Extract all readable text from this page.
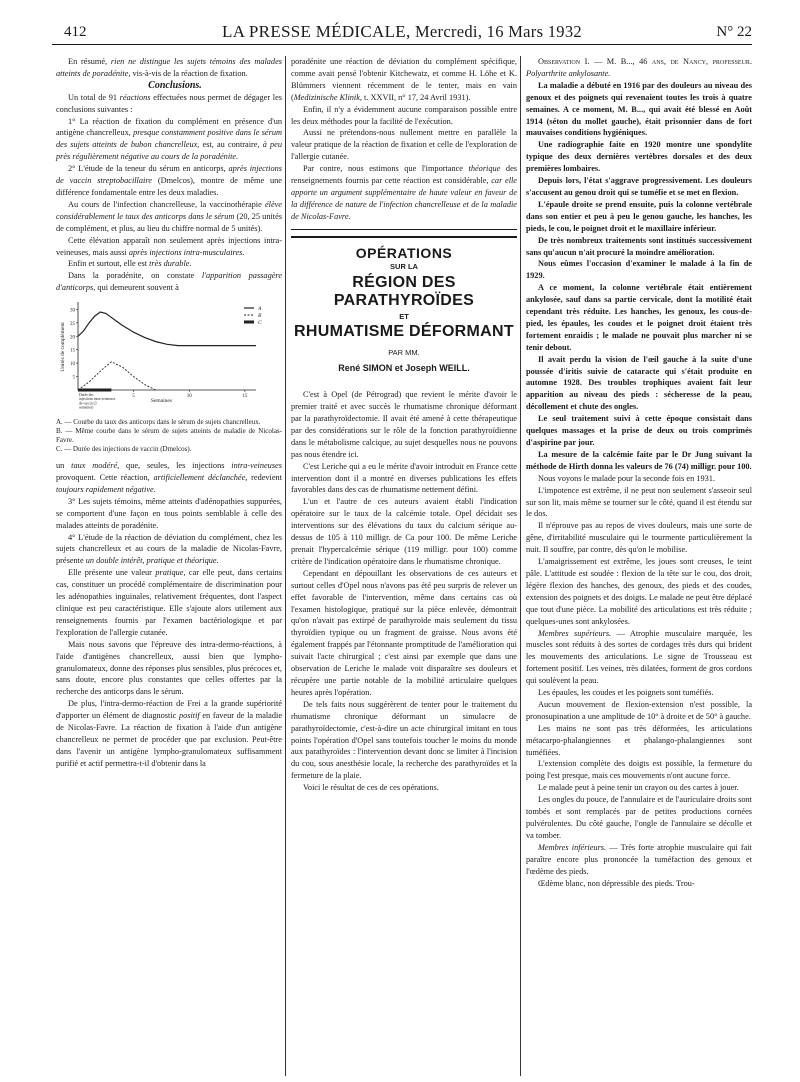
412	LA PRESSE MÉDICALE, Mercredi, 16 Mars 1932	N° 22

En résumé, rien ne distingue les sujets témoins des malades atteints de poradénite, vis-à-vis de la réaction de fixation.

Conclusions.

Un total de 91 réactions effectuées nous permet de dégager les conclusions suivantes :

1° La réaction de fixation du complément en présence d'un antigène chancrelleux, presque constamment positive dans le sérum des sujets atteints de bubon chancrelleux, est, au contraire, à peu près régulièrement négative au cours de la poradénite.

2° L'étude de la teneur du sérum en anticorps, après injections de vaccin streptobacillaire (Dmelcos), montre de même une différence fondamentale entre les deux maladies.

Au cours de l'infection chancrelleuse, la vaccinothérapie élève considérablement le taux des anticorps dans le sérum (20, 25 unités de complément, et plus, au lieu du chiffre normal de 5 unités).

Cette élévation apparaît non seulement après injections intra-veineuses, mais aussi après injections intra-musculaires.

Enfin et surtout, elle est très durable.

Dans la poradénite, on constate l'apparition passagère d'anticorps, qui demeurent souvent à

5
10
15
20
25
30
5	10	15
Unités de complément
Semaines
Durée des
injections intra veineuses
de vaccin (3
semaines)
A
B
C
A. — Courbe du taux des anticorps dans le sérum de sujets chancrelleux.
B. — Même courbe dans le sérum de sujets atteints de maladie de Nicolas-Favre.
C. — Durée des injections de vaccin (Dmelcos).

un taux modéré, que, seules, les injections intra-veineuses provoquent. Cette réaction, artificiellement déclanchée, redevient toujours rapidement négative.

3° Les sujets témoins, même atteints d'adénopathies suppurées, se comportent d'une façon en tous points semblable à celle des malades atteints de poradénite.

4° L'étude de la réaction de déviation du complément, chez les sujets chancrelleux et au cours de la maladie de Nicolas-Favre, présente un double intérêt, pratique et théorique.

Elle présente une valeur pratique, car elle peut, dans certains cas, constituer un procédé complémentaire de discrimination pour les adénopathies inguinales, relativement fréquentes, dont l'aspect clinique est peu caractéristique. Elle s'ajoute alors utilement aux renseignements fournis par l'examen bactériologique et par l'exploration de l'allergie cutanée.

Mais nous savons que l'épreuve des intra-dermo-réactions, à l'aide d'antigènes chancrelleux, aussi bien que lympho-granulomateux, donne des réponses plus sensibles, plus précoces et, sans doute, encore plus constantes que celles offertes par la recherche des anticorps dans le sérum.

De plus, l'intra-dermo-réaction de Frei a la grande supériorité d'apporter un élément de diagnostic positif en faveur de la maladie de Nicolas-Favre. La réaction de fixation à l'aide d'un antigène chancrelleux ne permet de procéder que par exclusion. Peut-être dans l'avenir un antigène lympho-granulomateux suffisamment purifié et actif permettra-t-il d'obtenir dans la

poradénite une réaction de déviation du complément spécifique, comme avait pensé l'obtenir Kitchewatz, et comme H. Löhe et K. Blümmers viennent récemment de le tenter, mais en vain (Medizinische Klinik, t. XXVII, n° 17, 24 Avril 1931).

Enfin, il n'y a évidemment aucune comparaison possible entre les deux méthodes pour la facilité de l'exécution.

Aussi ne prétendons-nous nullement mettre en parallèle la valeur pratique de la réaction de fixation et celle de l'exploration de l'allergie cutanée.

Par contre, nous estimons que l'importance théorique des renseignements fournis par cette réaction est considérable, car elle apporte un argument supplémentaire de haute valeur en faveur de la différence de nature de l'infection chancrelleuse et de la maladie de Nicolas-Favre.

OPÉRATIONS
SUR LA
RÉGION DES PARATHYROÏDES
ET
RHUMATISME DÉFORMANT
PAR MM.
René SIMON et Joseph WEILL.

C'est à Opel (de Pétrograd) que revient le mérite d'avoir le premier traité et avec succès le rhumatisme chronique déformant par la parathyroïdectomie. Il avait été amené à cette thérapeutique par des considérations sur le rôle de la fonction parathyroïdienne dans le métabolisme calcique, au sujet desquelles nous ne pouvons pas nous étendre ici.

C'est Leriche qui a eu le mérite d'avoir introduit en France cette intervention dont il a montré en diverses publications les effets favorables dans des cas de rhumatisme nettement défini.

L'un et l'autre de ces auteurs avaient établi l'indication opératoire sur le taux de la calcémie totale. Opel décidait ses interventions sur des élévations du taux du calcium sérique au-dessus de 105 à 110 milligr. de Ca pour 100. De même Leriche prenait l'hypercalcémie sérique (119 milligr. pour 100) comme critère de l'indication opératoire dans le rhumatisme chronique.

Cependant en dépouillant les observations de ces auteurs et surtout celles d'Opel nous n'avons pas été peu surpris de relever un effet favorable de l'intervention, même dans certains cas où l'examen histologique, pratiqué sur la pièce enlevée, démontrait qu'on n'avait pas extirpé de parathyroïde mais seulement du tissu thyroïdien typique ou un fragment de graisse. Nous avons été également frappés par l'étonnante promptitude de l'amélioration qui suivait l'acte chirurgical ; c'est ainsi par exemple que dans une observation de Leriche le malade voit disparaître ses douleurs et récupère une partie notable de la mobilité articulaire quelques heures après l'opération.

De tels faits nous suggérèrent de tenter pour le traitement du rhumatisme chronique déformant un simulacre de parathyroïdectomie, c'est-à-dire un acte chirurgical imitant en tous points l'opération d'Opel sans toutefois toucher le moins du monde aux parathyroïdes : l'intervention devant donc se limiter à l'incision du cou, sous anesthésie locale, la recherche des parathyroïdes et la fermeture de la plaie.

Voici le résultat de ces de ces opérations.

Observation I. — M. B..., 46 ans, de Nancy, professeur. Polyarthrite ankylosante.

La maladie a débuté en 1916 par des douleurs au niveau des genoux et des poignets qui revenaient toutes les trois à quatre semaines. A ce moment, M. B..., qui avait été blessé en Août 1914 (séton du mollet gauche), était prisonnier dans de fort mauvaises conditions hygiéniques.

Une radiographie faite en 1920 montre une spondylite typique des deux dernières vertèbres dorsales et des deux premières lombaires.

Depuis lors, l'état s'aggrave progressivement. Les douleurs s'accusent au genou droit qui se tuméfie et se met en flexion.

L'épaule droite se prend ensuite, puis la colonne vertébrale dans son entier et peu à peu le genou gauche, les hanches, les pieds, le cou, le poignet droit et le maxillaire inférieur.

De très nombreux traitements sont institués successivement sans qu'aucun n'ait procuré la moindre amélioration.

Nous eûmes l'occasion d'examiner le malade à la fin de 1929.

A ce moment, la colonne vertébrale était entièrement ankylosée, sauf dans sa partie cervicale, dont la motilité était cependant très réduite. Les hanches, les genoux, les cous-de-pied, les épaules, les coudes et le poignet droit étaient très fortement enraidis ; le malade ne pouvait plus marcher ni se tenir debout.

Il avait perdu la vision de l'œil gauche à la suite d'une poussée d'iritis suivie de cataracte qui s'était produite en automne 1928. Des troubles trophiques avaient fait leur apparition au niveau des pieds : sécheresse de la peau, décollement et chute des ongles.

Le seul traitement suivi à cette époque consistait dans quelques massages et la prise de deux ou trois comprimés d'aspirine par jour.

La mesure de la calcémie faite par le Dr Jung suivant la méthode de Hirth donna les valeurs de 76 (74) milligr. pour 100.

Nous voyons le malade pour la seconde fois en 1931.

L'impotence est extrême, il ne peut non seulement s'asseoir seul sur son lit, mais même se tourner sur le côté, quand il est étendu sur le dos.

Il n'éprouve pas au repos de vives douleurs, mais une sorte de gêne, d'irritabilité musculaire qui le tourmente particulièrement la nuit. Il souffre, par contre, dès qu'on le mobilise.

L'amaigrissement est extrême, les joues sont creuses, le teint pâle. L'attitude est soudée : flexion de la tête sur le cou, dos droit, légère flexion des hanches, des genoux, des pieds et des coudes, extension des poignets et des doigts. Le malade ne peut être déplacé que tout d'une pièce. La mobilité des articulations est très réduite ; quelques-unes sont ankylosées.

Membres supérieurs. — Atrophie musculaire marquée, les muscles sont réduits à des sortes de cordages très durs qui brident les mouvements des articulations. Le signe de Trousseau est fortement positif. Les veines, très dilatées, forment de gros cordons qui soulèvent la peau.

Les épaules, les coudes et les poignets sont tuméfiés.

Aucun mouvement de flexion-extension n'est possible, la pronosupination a une amplitude de 10° à droite et de 50° à gauche.

Les mains ne sont pas très déformées, les articulations métacarpo-phalangiennes et phalango-phalangiennes sont tuméfiées.

L'extension complète des doigts est possible, la fermeture du poing l'est presque, mais ces mouvements n'ont aucune force.

Le malade peut à peine tenir un crayon ou des cartes à jouer.

Les ongles du pouce, de l'annulaire et de l'auriculaire droits sont tombés et sont remplacés par de petites productions cornées pulvérulentes. Du côté gauche, l'ongle de l'annulaire se décolle et va tomber.

Membres inférieurs. — Très forte atrophie musculaire qui fait paraître encore plus prononcée la tuméfaction des genoux et l'œdème des pieds.

Œdème blanc, non dépressible des pieds. Trou-
